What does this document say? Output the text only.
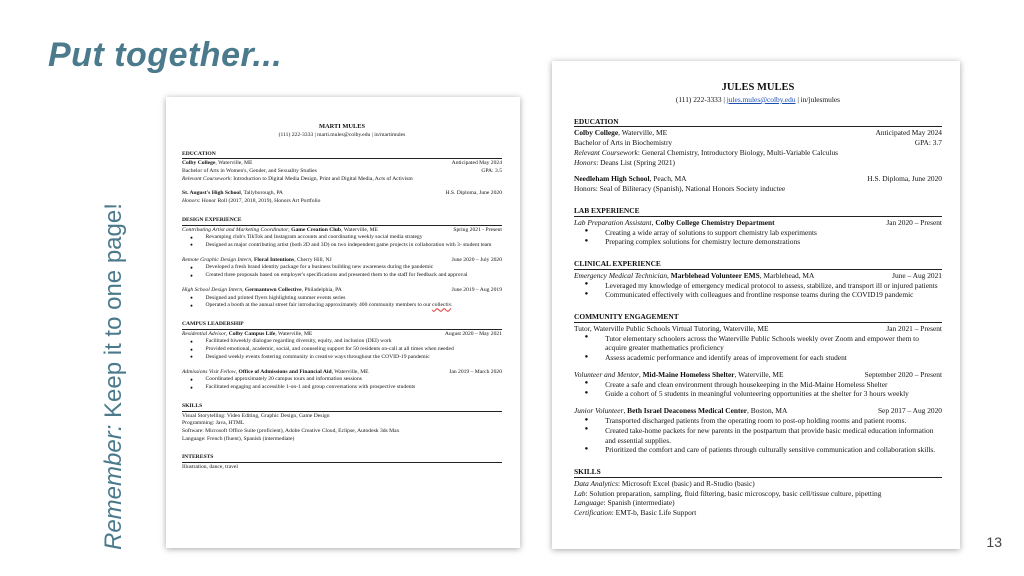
Put together...
Remember: Keep it to one page!
MARTI MULES
(111) 222-3333 | marti.mules@colby.edu | in/martimules
EDUCATION
Colby College, Waterville, ME	Anticipated May 2024
Bachelor of Arts in Women's, Gender, and Sexuality Studies	GPA: 3.5
Relevant Coursework: Introduction to Digital Media Design, Print and Digital Media, Acts of Activism
St. August's High School, Tallyborough, PA	H.S. Diploma, June 2020
Honors: Honor Roll (2017, 2018, 2019), Honors Art Portfolio
DESIGN EXPERIENCE
Contributing Artist and Marketing Coordinator, Game Creation Club, Waterville, ME	Spring 2021 - Present
● Revamping club's TikTok and Instagram accounts and coordinating weekly social media strategy
● Designed as major contributing artist (both 2D and 3D) on two independent game projects in collaboration with 3- student team
Remote Graphic Design Intern, Floral Intentions, Cherry Hill, NJ	June 2020 – July 2020
● Developed a fresh brand identity package for a business building new awareness during the pandemic
● Created three proposals based on employer's specifications and presented them to the staff for feedback and approval
High School Design Intern, Germantown Collective, Philadelphia, PA	June 2019 – Aug 2019
● Designed and printed flyers highlighting summer events series
● Operated a booth at the annual street fair introducing approximately 400 community members to our collectiv.
CAMPUS LEADERSHIP
Residential Advisor, Colby Campus Life, Waterville, ME	August 2020 – May 2021
● Facilitated biweekly dialogue regarding diversity, equity, and inclusion (DEI) work
● Provided emotional, academic, social, and counseling support for 50 residents on-call at all times when needed
● Designed weekly events fostering community in creative ways throughout the COVID-19 pandemic
Admissions Visit Fellow, Office of Admissions and Financial Aid, Waterville, ME	Jan 2019 – March 2020
● Coordinated approximately 20 campus tours and information sessions
● Facilitated engaging and accessible 1-on-1 and group conversations with prospective students
SKILLS
Visual Storytelling: Video Editing, Graphic Design, Game Design
Programming: Java, HTML
Software: Microsoft Office Suite (proficient), Adobe Creative Cloud, Eclipse, Autodesk 3ds Max
Language: French (fluent), Spanish (intermediate)
INTERESTS
Illustration, dance, travel
JULES MULES
(111) 222-3333 | jules.mules@colby.edu | in/julesmules
EDUCATION
Colby College, Waterville, ME	Anticipated May 2024
Bachelor of Arts in Biochemistry	GPA: 3.7
Relevant Coursework: General Chemistry, Introductory Biology, Multi-Variable Calculus
Honors: Deans List (Spring 2021)
Needleham High School, Peach, MA	H.S. Diploma, June 2020
Honors: Seal of Biliteracy (Spanish), National Honors Society inductee
LAB EXPERIENCE
Lab Preparation Assistant, Colby College Chemistry Department	Jan 2020 – Present
● Creating a wide array of solutions to support chemistry lab experiments
● Preparing complex solutions for chemistry lecture demonstrations
CLINICAL EXPERIENCE
Emergency Medical Technician, Marblehead Volunteer EMS, Marblehead, MA	June – Aug 2021
● Leveraged my knowledge of emergency medical protocol to assess, stabilize, and transport ill or injured patients
● Communicated effectively with colleagues and frontline response teams during the COVID19 pandemic
COMMUNITY ENGAGEMENT
Tutor, Waterville Public Schools Virtual Tutoring, Waterville, ME	Jan 2021 – Present
● Tutor elementary schoolers across the Waterville Public Schools weekly over Zoom and empower them to acquire greater mathematics proficiency
● Assess academic performance and identify areas of improvement for each student
Volunteer and Mentor, Mid-Maine Homeless Shelter, Waterville, ME	September 2020 – Present
● Create a safe and clean environment through housekeeping in the Mid-Maine Homeless Shelter
● Guide a cohort of 5 students in meaningful volunteering opportunities at the shelter for 3 hours weekly
Junior Volunteer, Beth Israel Deaconess Medical Center, Boston, MA	Sep 2017 – Aug 2020
● Transported discharged patients from the operating room to post-op holding rooms and patient rooms.
● Created take-home packets for new parents in the postpartum that provide basic medical education information and essential supplies.
● Prioritized the comfort and care of patients through culturally sensitive communication and collaboration skills.
SKILLS
Data Analytics: Microsoft Excel (basic) and R-Studio (basic)
Lab: Solution preparation, sampling, fluid filtering, basic microscopy, basic cell/tissue culture, pipetting
Language: Spanish (intermediate)
Certification: EMT-b, Basic Life Support
13
